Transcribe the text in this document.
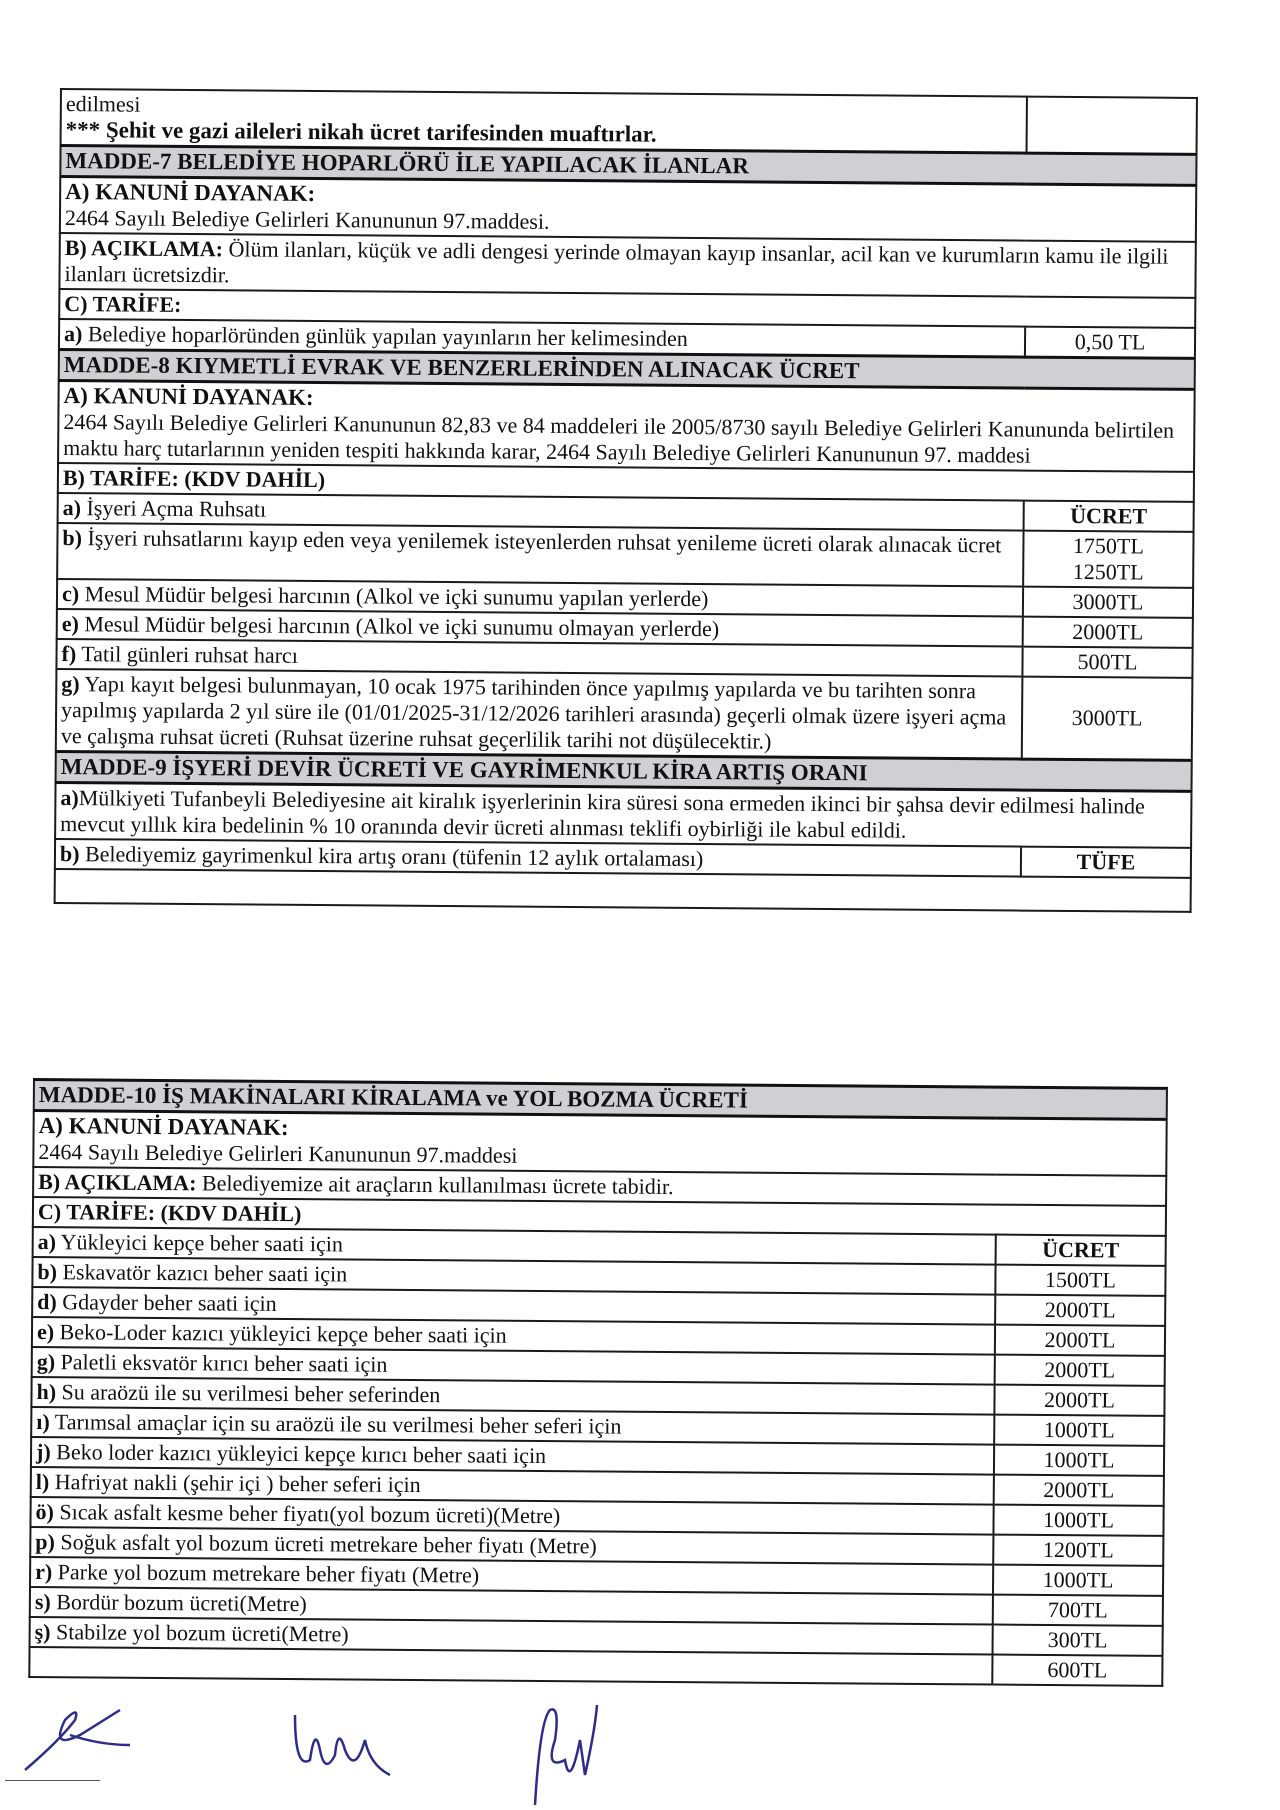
edilmesi
*** Şehit ve gazi aileleri nikah ücret tarifesinden muaftırlar.	

MADDE-7 BELEDİYE HOPARLÖRÜ İLE YAPILACAK İLANLAR	

A) KANUNİ DAYANAK:
2464 Sayılı Belediye Gelirleri Kanununun 97.maddesi.	

B) AÇIKLAMA: Ölüm ilanları, küçük ve adli dengesi yerinde olmayan kayıp insanlar, acil kan ve kurumların kamu ile ilgili ilanları ücretsizdir.	
C) TARİFE:	
a) Belediye hoparlöründen günlük yapılan yayınların her kelimesinden	0,50 TL
MADDE-8 KIYMETLİ EVRAK VE BENZERLERİNDEN ALINACAK ÜCRET	

A) KANUNİ DAYANAK:
2464 Sayılı Belediye Gelirleri Kanununun 82,83 ve 84 maddeleri ile 2005/8730 sayılı Belediye Gelirleri Kanununda belirtilen maktu harç tutarlarının yeniden tespiti hakkında karar, 2464 Sayılı Belediye Gelirleri Kanununun 97. maddesi	

B) TARİFE: (KDV DAHİL)	
a) İşyeri Açma Ruhsatı	ÜCRET
b) İşyeri ruhsatlarını kayıp eden veya yenilemek isteyenlerden ruhsat yenileme ücreti olarak alınacak ücret	1750TL
1250TL

c) Mesul Müdür belgesi harcının (Alkol ve içki sunumu yapılan yerlerde)	3000TL
e) Mesul Müdür belgesi harcının (Alkol ve içki sunumu olmayan yerlerde)	2000TL
f) Tatil günleri ruhsat harcı	500TL
g) Yapı kayıt belgesi bulunmayan, 10 ocak 1975 tarihinden önce yapılmış yapılarda ve bu tarihten sonra yapılmış yapılarda 2 yıl süre ile (01/01/2025-31/12/2026 tarihleri arasında) geçerli olmak üzere işyeri açma ve çalışma ruhsat ücreti (Ruhsat üzerine ruhsat geçerlilik tarihi not düşülecektir.)	3000TL
MADDE-9 İŞYERİ DEVİR ÜCRETİ VE GAYRİMENKUL KİRA ARTIŞ ORANI	
a)Mülkiyeti Tufanbeyli Belediyesine ait kiralık işyerlerinin kira süresi sona ermeden ikinci bir şahsa devir edilmesi halinde mevcut yıllık kira bedelinin % 10 oranında devir ücreti alınması teklifi oybirliği ile kabul edildi.	
b) Belediyemiz gayrimenkul kira artış oranı (tüfenin 12 aylık ortalaması)	TÜFE

MADDE-10 İŞ MAKİNALARI KİRALAMA ve YOL BOZMA ÜCRETİ	

A) KANUNİ DAYANAK:
2464 Sayılı Belediye Gelirleri Kanununun 97.maddesi	

B) AÇIKLAMA: Belediyemize ait araçların kullanılması ücrete tabidir.	
C) TARİFE: (KDV DAHİL)	
a) Yükleyici kepçe beher saati için	ÜCRET
b) Eskavatör kazıcı beher saati için	1500TL
d) Gdayder beher saati için	2000TL
e) Beko-Loder kazıcı yükleyici kepçe beher saati için	2000TL
g) Paletli eksvatör kırıcı beher saati için	2000TL
h) Su araözü ile su verilmesi beher seferinden	2000TL
ı) Tarımsal amaçlar için su araözü ile su verilmesi beher seferi için	1000TL
j) Beko loder kazıcı yükleyici kepçe kırıcı beher saati için	1000TL
l) Hafriyat nakli (şehir içi ) beher seferi için	2000TL
ö) Sıcak asfalt kesme beher fiyatı(yol bozum ücreti)(Metre)	1000TL
p) Soğuk asfalt yol bozum ücreti metrekare beher fiyatı (Metre)	1200TL
r) Parke yol bozum metrekare beher fiyatı (Metre)	1000TL
s) Bordür bozum ücreti(Metre)	700TL
ş) Stabilze yol bozum ücreti(Metre)	300TL
	600TL
